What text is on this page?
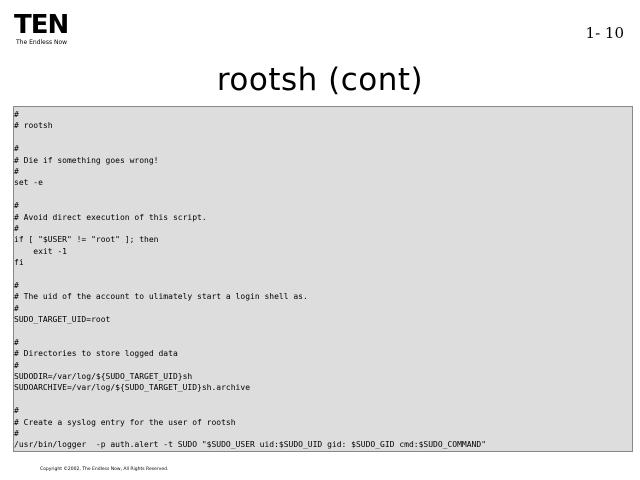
TEN
The Endless Now
1- 10
rootsh (cont)
#
# rootsh
#
# Die if something goes wrong!
#
set -e
#
# Avoid direct execution of this script.
#
if [ "$USER" != "root" ]; then
exit -1
fi
#
# The uid of the account to ulimately start a login shell as.
#
SUDO_TARGET_UID=root
#
# Directories to store logged data
#
SUDODIR=/var/log/${SUDO_TARGET_UID}sh
SUDOARCHIVE=/var/log/${SUDO_TARGET_UID}sh.archive
#
# Create a syslog entry for the user of rootsh
#
/usr/bin/logger  -p auth.alert -t SUDO "$SUDO_USER uid:$SUDO_UID gid: $SUDO_GID cmd:$SUDO_COMMAND"
Copyright ©2002, The Endless Now, All Rights Reserved.
